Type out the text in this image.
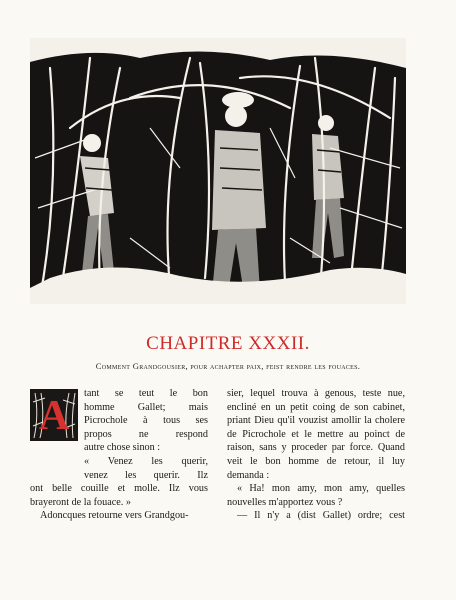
CHAPITRE XXXII.
Comment Grandgousier, pour achapter paix, feist rendre les fouaces.
A	tant se teut le bon
homme Gallet; mais
Picrochole à tous ses
propos ne respond
autre chose sinon :
« Venez les querir,
venez les querir. Ilz
ont belle couille et molle. Ilz vous brayeront de la fouace. »
Adoncques retourne vers Grandgou-
sier, lequel trouva à genous, teste nue,
encliné en un petit coing de son cabinet,
priant Dieu qu'il vouzist amollir la cholere
de Picrochole et le mettre au poinct de
raison, sans y proceder par force. Quand
veit le bon homme de retour, il luy
demanda :
« Ha! mon amy, mon amy, quelles
nouvelles m'apportez vous ?
— Il n'y a (dist Gallet) ordre; cest
